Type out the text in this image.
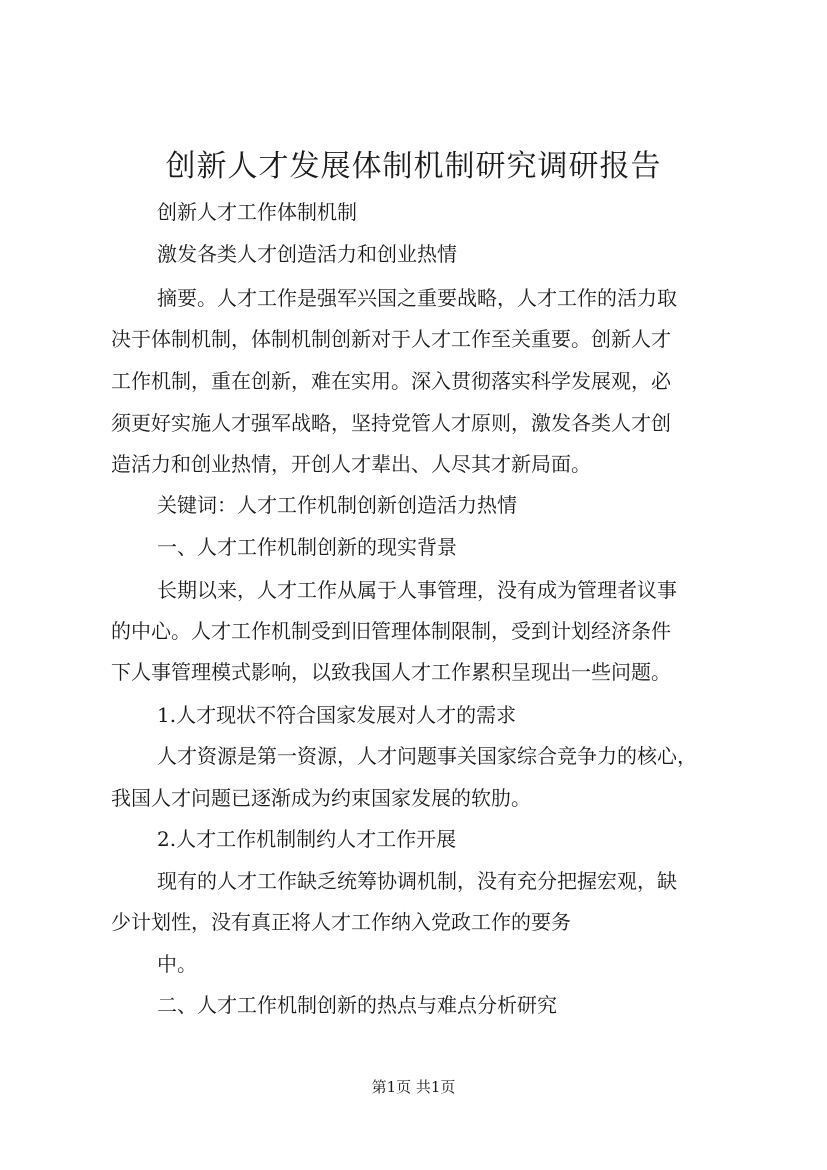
创新人才发展体制机制研究调研报告
创新人才工作体制机制
激发各类人才创造活力和创业热情
摘要。人才工作是强军兴国之重要战略，人才工作的活力取
决于体制机制，体制机制创新对于人才工作至关重要。创新人才
工作机制，重在创新，难在实用。深入贯彻落实科学发展观，必
须更好实施人才强军战略，坚持党管人才原则，激发各类人才创
造活力和创业热情，开创人才辈出、人尽其才新局面。
关键词：人才工作机制创新创造活力热情
一、人才工作机制创新的现实背景
长期以来，人才工作从属于人事管理，没有成为管理者议事
的中心。人才工作机制受到旧管理体制限制，受到计划经济条件
下人事管理模式影响，以致我国人才工作累积呈现出一些问题。
1.人才现状不符合国家发展对人才的需求
人才资源是第一资源，人才问题事关国家综合竞争力的核心，
我国人才问题已逐渐成为约束国家发展的软肋。
2.人才工作机制制约人才工作开展
现有的人才工作缺乏统筹协调机制，没有充分把握宏观，缺
少计划性，没有真正将人才工作纳入党政工作的要务
中。
二、人才工作机制创新的热点与难点分析研究
第1页 共1页
